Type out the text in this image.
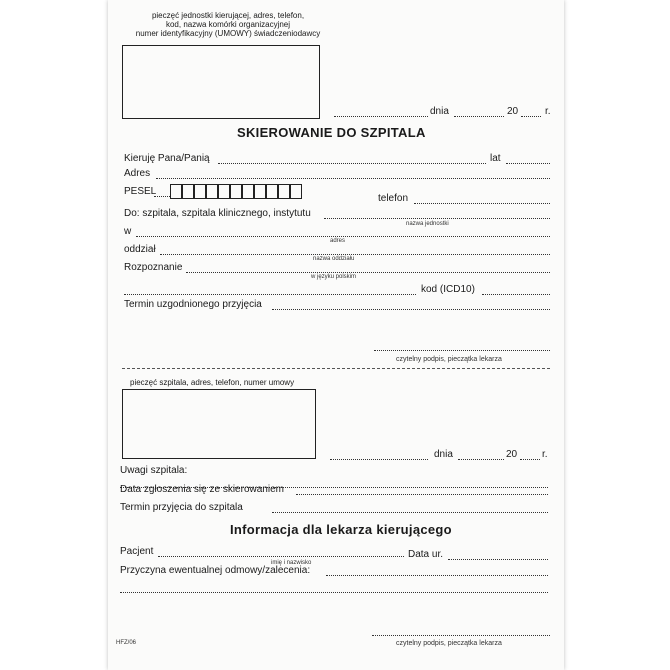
pieczęć jednostki kierującej, adres, telefon,
kod, nazwa komórki organizacyjnej
numer identyfikacyjny (UMOWY) świadczeniodawcy
dnia	20	r.
SKIEROWANIE DO SZPITALA
Kieruję Pana/Panią	lat
Adres
PESEL
telefon
Do: szpitala, szpitala klinicznego, instytutu
nazwa jednostki
w
adres
oddział
nazwa oddziału
Rozpoznanie
w języku polskim
kod (ICD10)
Termin uzgodnionego przyjęcia
czytelny podpis, pieczątka lekarza
pieczęć szpitala, adres, telefon, numer umowy
dnia	20 r.
Uwagi szpitala:
Data zgłoszenia się ze skierowaniem
Termin przyjęcia do szpitala
Informacja dla lekarza kierującego
Pacjent
imię i nazwisko
Data ur.
Przyczyna ewentualnej odmowy/zalecenia:
czytelny podpis, pieczątka lekarza
HFZ/06
